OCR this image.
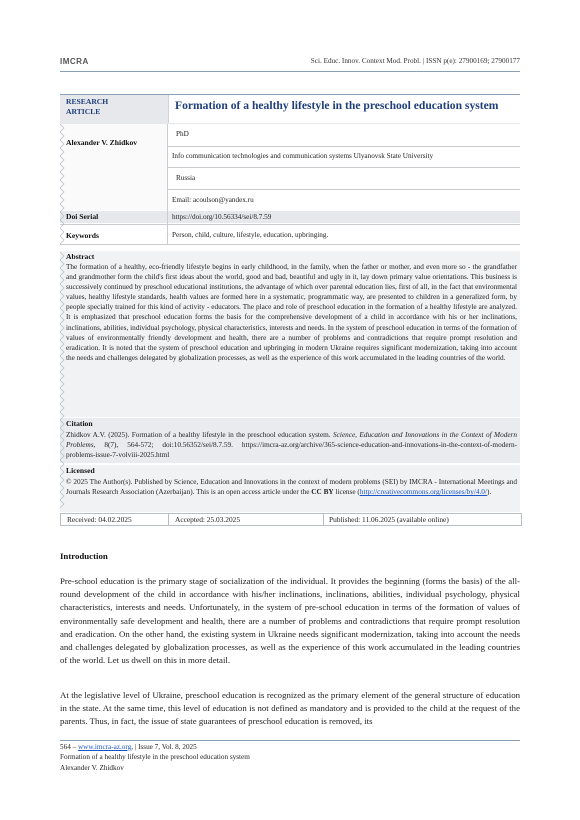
IMCRA	Sci. Educ. Innov. Context Mod. Probl. | ISSN p(e): 27900169; 27900177
RESEARCH
ARTICLE	Formation of a healthy lifestyle in the preschool education system
Alexander V. Zhidkov
PhD
Info communication technologies and communication systems Ulyanovsk State University
Russia
Email: acoulson@yandex.ru
Doi Serial	https://doi.org/10.56334/sei/8.7.59
Keywords	Person, child, culture, lifestyle, education, upbringing.
Abstract
The formation of a healthy, eco-friendly lifestyle begins in early childhood, in the family, when the father or mother, and even more so - the grandfather and grandmother form the child's first ideas about the world, good and bad, beautiful and ugly in it, lay down primary value orientations. This business is successively continued by preschool educational institutions, the advantage of which over parental education lies, first of all, in the fact that environmental values, healthy lifestyle standards, health values are formed here in a systematic, programmatic way, are presented to children in a generalized form, by people specially trained for this kind of activity - educators. The place and role of preschool education in the formation of a healthy lifestyle are analyzed. It is emphasized that preschool education forms the basis for the comprehensive development of a child in accordance with his or her inclinations, inclinations, abilities, individual psychology, physical characteristics, interests and needs. In the system of preschool education in terms of the formation of values of environmentally friendly development and health, there are a number of problems and contradictions that require prompt resolution and eradication. It is noted that the system of preschool education and upbringing in modern Ukraine requires significant modernization, taking into account the needs and challenges delegated by globalization processes, as well as the experience of this work accumulated in the leading countries of the world.
Citation
Zhidkov A.V. (2025). Formation of a healthy lifestyle in the preschool education system. Science, Education and Innovations in the Context of Modern Problems, 8(7), 564-572; doi:10.56352/sei/8.7.59. https://imcra-az.org/archive/365-science-education-and-innovations-in-the-context-of-modern-problems-issue-7-volviii-2025.html
Licensed
© 2025 The Author(s). Published by Science, Education and Innovations in the context of modern problems (SEI) by IMCRA - International Meetings and Journals Research Association (Azerbaijan). This is an open access article under the CC BY license (http://creativecommons.org/licenses/by/4.0/).
Received: 04.02.2025	Accepted: 25.03.2025	Published: 11.06.2025 (available online)
Introduction
Pre-school education is the primary stage of socialization of the individual. It provides the beginning (forms the basis) of the all-round development of the child in accordance with his/her inclinations, inclinations, abilities, individual psychology, physical characteristics, interests and needs. Unfortunately, in the system of pre-school education in terms of the formation of values of environmentally safe development and health, there are a number of problems and contradictions that require prompt resolution and eradication. On the other hand, the existing system in Ukraine needs significant modernization, taking into account the needs and challenges delegated by globalization processes, as well as the experience of this work accumulated in the leading countries of the world. Let us dwell on this in more detail.
At the legislative level of Ukraine, preschool education is recognized as the primary element of the general structure of education in the state. At the same time, this level of education is not defined as mandatory and is provided to the child at the request of the parents. Thus, in fact, the issue of state guarantees of preschool education is removed, its
564 – www.imcra-az.org, | Issue 7, Vol. 8, 2025
Formation of a healthy lifestyle in the preschool education system
Alexander V. Zhidkov
